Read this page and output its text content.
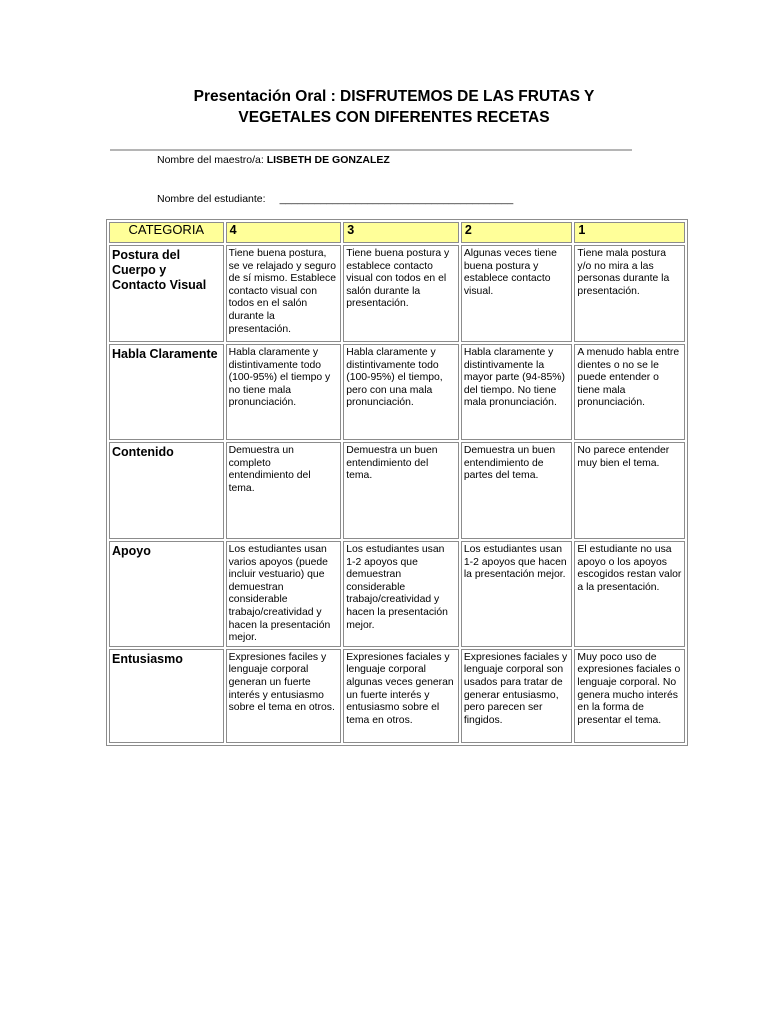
Presentación Oral : DISFRUTEMOS DE LAS FRUTAS Y
VEGETALES CON DIFERENTES RECETAS
Nombre del maestro/a: LISBETH DE GONZALEZ
Nombre del estudiante: ________________________________________
CATEGORIA	4	3	2	1
Postura del Cuerpo y Contacto Visual	Tiene buena postura, se ve relajado y seguro de sí mismo. Establece contacto visual con todos en el salón durante la presentación.	Tiene buena postura y establece contacto visual con todos en el salón durante la presentación.	Algunas veces tiene buena postura y establece contacto visual.	Tiene mala postura y/o no mira a las personas durante la presentación.
Habla Claramente	Habla claramente y distintivamente todo (100-95%) el tiempo y no tiene mala pronunciación.	Habla claramente y distintivamente todo (100-95%) el tiempo, pero con una mala pronunciación.	Habla claramente y distintivamente la mayor parte (94-85%) del tiempo. No tiene mala pronunciación.	A menudo habla entre dientes o no se le puede entender o tiene mala pronunciación.
Contenido	Demuestra un completo entendimiento del tema.	Demuestra un buen entendimiento del tema.	Demuestra un buen entendimiento de partes del tema.	No parece entender muy bien el tema.
Apoyo	Los estudiantes usan varios apoyos (puede incluir vestuario) que demuestran considerable trabajo/creatividad y hacen la presentación mejor.	Los estudiantes usan 1-2 apoyos que demuestran considerable trabajo/creatividad y hacen la presentación mejor.	Los estudiantes usan 1-2 apoyos que hacen la presentación mejor.	El estudiante no usa apoyo o los apoyos escogidos restan valor a la presentación.
Entusiasmo	Expresiones faciles y lenguaje corporal generan un fuerte interés y entusiasmo sobre el tema en otros.	Expresiones faciales y lenguaje corporal algunas veces generan un fuerte interés y entusiasmo sobre el tema en otros.	Expresiones faciales y lenguaje corporal son usados para tratar de generar entusiasmo, pero parecen ser fingidos.	Muy poco uso de expresiones faciales o lenguaje corporal. No genera mucho interés en la forma de presentar el tema.
